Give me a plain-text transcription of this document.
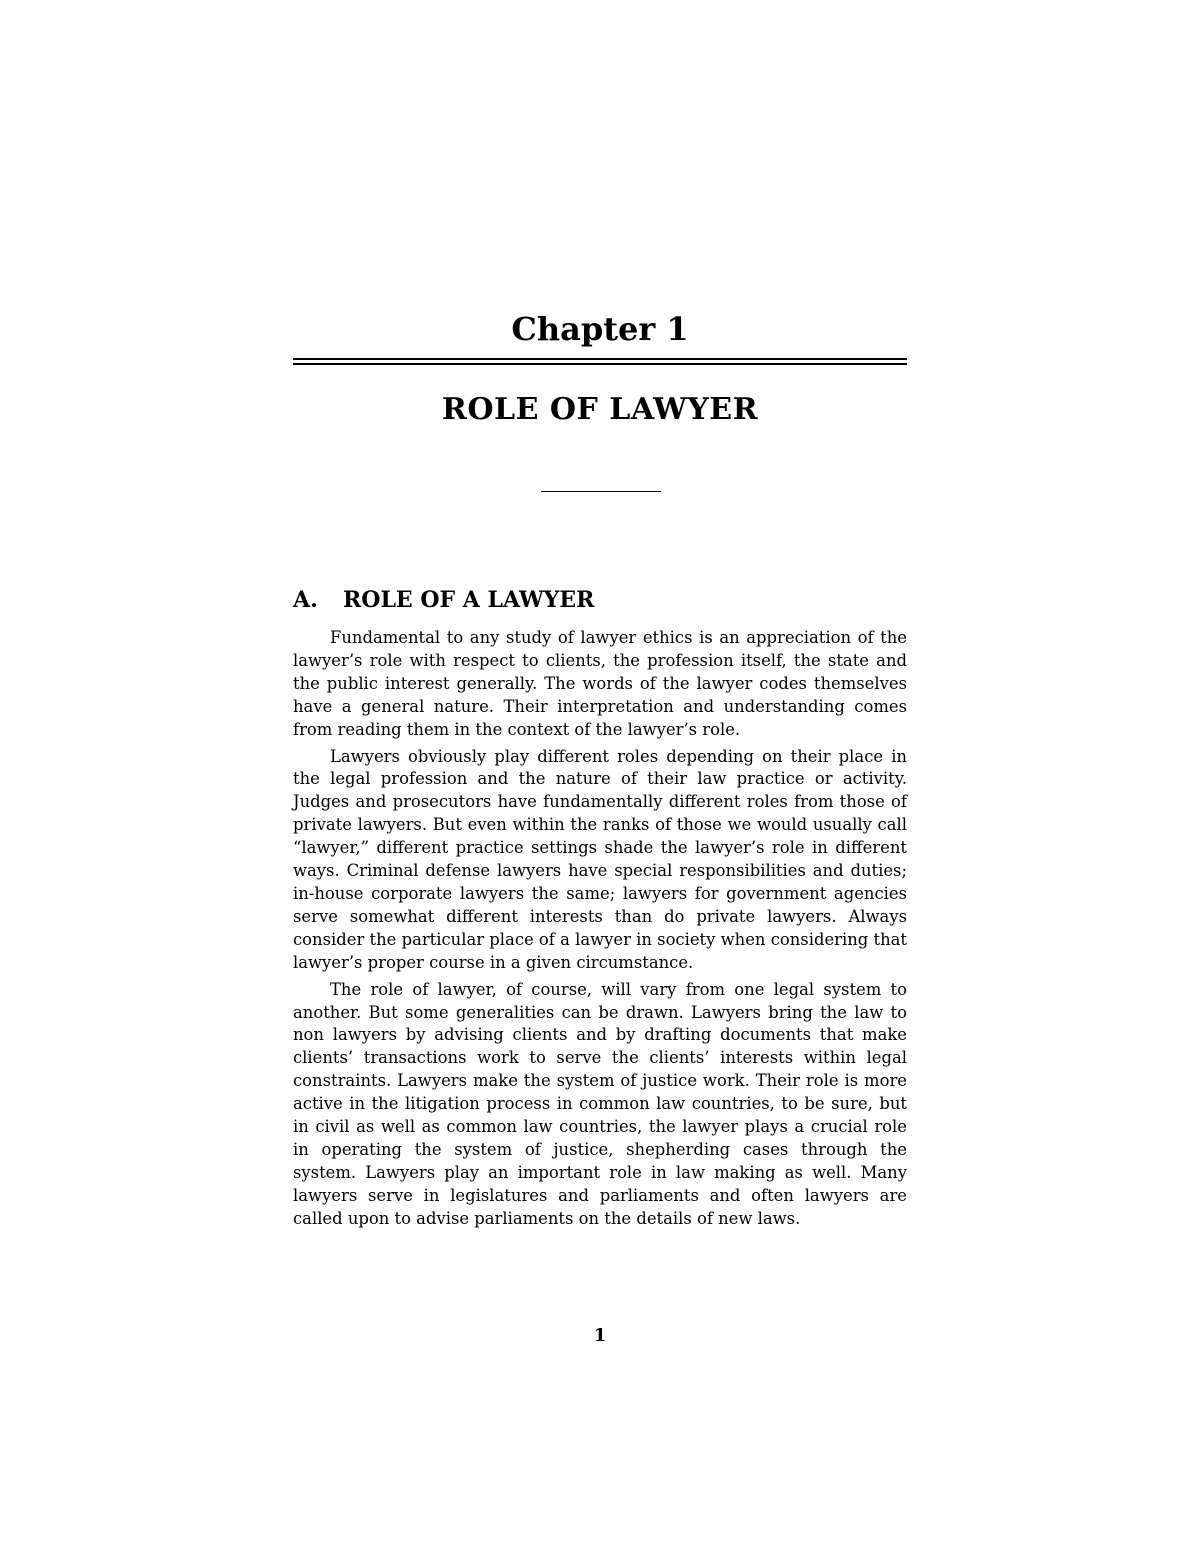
Chapter 1
ROLE OF LAWYER
A. ROLE OF A LAWYER

Fundamental to any study of lawyer ethics is an appreciation of the lawyer’s role with respect to clients, the profession itself, the state and the public interest generally. The words of the lawyer codes themselves have a general nature. Their interpretation and understanding comes from reading them in the context of the lawyer’s role.

Lawyers obviously play different roles depending on their place in the legal profession and the nature of their law practice or activity. Judges and prosecutors have fundamentally different roles from those of private lawyers. But even within the ranks of those we would usually call “lawyer,” different practice settings shade the lawyer’s role in different ways. Criminal defense lawyers have special responsibilities and duties; in-house corporate lawyers the same; lawyers for government agencies serve somewhat different interests than do private lawyers. Always consider the particular place of a lawyer in society when considering that lawyer’s proper course in a given circumstance.

The role of lawyer, of course, will vary from one legal system to another. But some generalities can be drawn. Lawyers bring the law to non lawyers by advising clients and by drafting documents that make clients’ transactions work to serve the clients’ interests within legal constraints. Lawyers make the system of justice work. Their role is more active in the litigation process in common law countries, to be sure, but in civil as well as common law countries, the lawyer plays a crucial role in operating the system of justice, shepherding cases through the system. Lawyers play an important role in law making as well. Many lawyers serve in legislatures and parliaments and often lawyers are called upon to advise parliaments on the details of new laws.

1
